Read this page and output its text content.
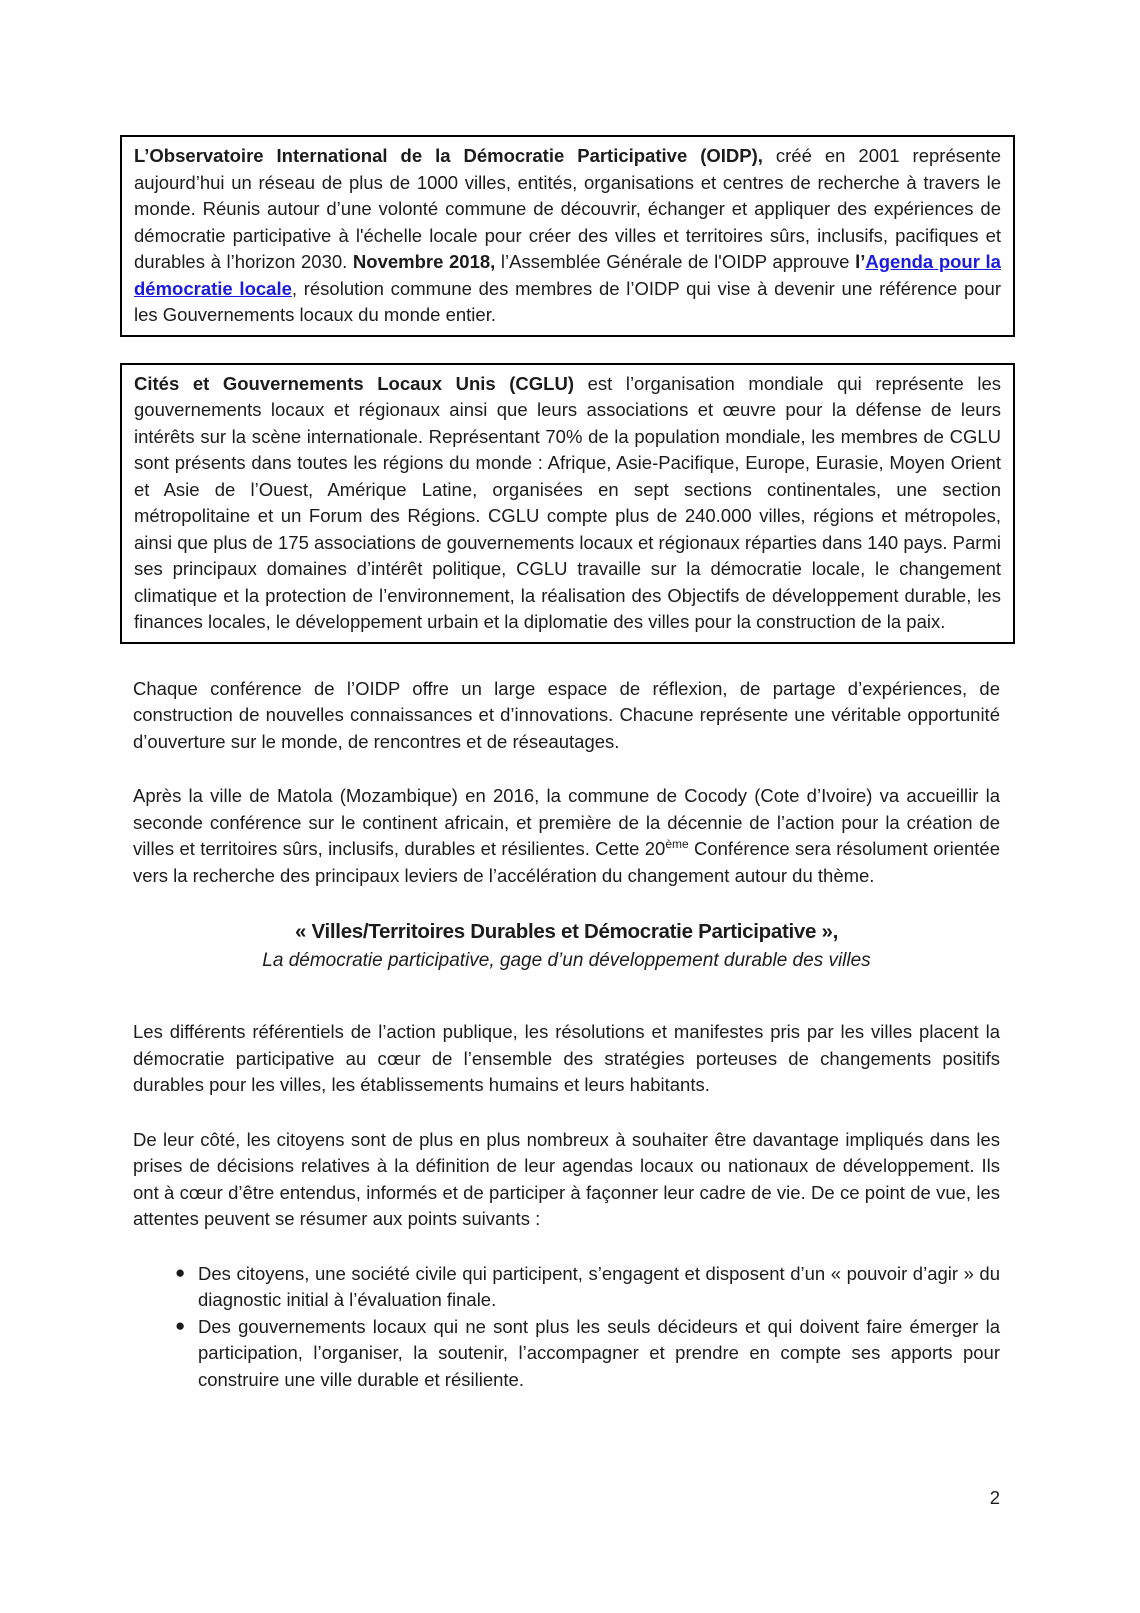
L’Observatoire International de la Démocratie Participative (OIDP), créé en 2001 représente aujourd’hui un réseau de plus de 1000 villes, entités, organisations et centres de recherche à travers le monde. Réunis autour d’une volonté commune de découvrir, échanger et appliquer des expériences de démocratie participative à l'échelle locale pour créer des villes et territoires sûrs, inclusifs, pacifiques et durables à l’horizon 2030. Novembre 2018, l’Assemblée Générale de l'OIDP approuve l’Agenda pour la démocratie locale, résolution commune des membres de l’OIDP qui vise à devenir une référence pour les Gouvernements locaux du monde entier.

Cités et Gouvernements Locaux Unis (CGLU) est l’organisation mondiale qui représente les gouvernements locaux et régionaux ainsi que leurs associations et œuvre pour la défense de leurs intérêts sur la scène internationale. Représentant 70% de la population mondiale, les membres de CGLU sont présents dans toutes les régions du monde : Afrique, Asie-Pacifique, Europe, Eurasie, Moyen Orient et Asie de l’Ouest, Amérique Latine, organisées en sept sections continentales, une section métropolitaine et un Forum des Régions. CGLU compte plus de 240.000 villes, régions et métropoles, ainsi que plus de 175 associations de gouvernements locaux et régionaux réparties dans 140 pays. Parmi ses principaux domaines d’intérêt politique, CGLU travaille sur la démocratie locale, le changement climatique et la protection de l’environnement, la réalisation des Objectifs de développement durable, les finances locales, le développement urbain et la diplomatie des villes pour la construction de la paix.

Chaque conférence de l’OIDP offre un large espace de réflexion, de partage d’expériences, de construction de nouvelles connaissances et d’innovations. Chacune représente une véritable opportunité d’ouverture sur le monde, de rencontres et de réseautages.

Après la ville de Matola (Mozambique) en 2016, la commune de Cocody (Cote d’Ivoire) va accueillir la seconde conférence sur le continent africain, et première de la décennie de l’action pour la création de villes et territoires sûrs, inclusifs, durables et résilientes. Cette 20ème Conférence sera résolument orientée vers la recherche des principaux leviers de l’accélération du changement autour du thème.

« Villes/Territoires Durables et Démocratie Participative »,
La démocratie participative, gage d’un développement durable des villes

Les différents référentiels de l’action publique, les résolutions et manifestes pris par les villes placent la démocratie participative au cœur de l’ensemble des stratégies porteuses de changements positifs durables pour les villes, les établissements humains et leurs habitants.

De leur côté, les citoyens sont de plus en plus nombreux à souhaiter être davantage impliqués dans les prises de décisions relatives à la définition de leur agendas locaux ou nationaux de développement. Ils ont à cœur d’être entendus, informés et de participer à façonner leur cadre de vie. De ce point de vue, les attentes peuvent se résumer aux points suivants :

● Des citoyens, une société civile qui participent, s’engagent et disposent d’un « pouvoir d’agir » du diagnostic initial à l’évaluation finale.
● Des gouvernements locaux qui ne sont plus les seuls décideurs et qui doivent faire émerger la participation, l’organiser, la soutenir, l’accompagner et prendre en compte ses apports pour construire une ville durable et résiliente.
2
